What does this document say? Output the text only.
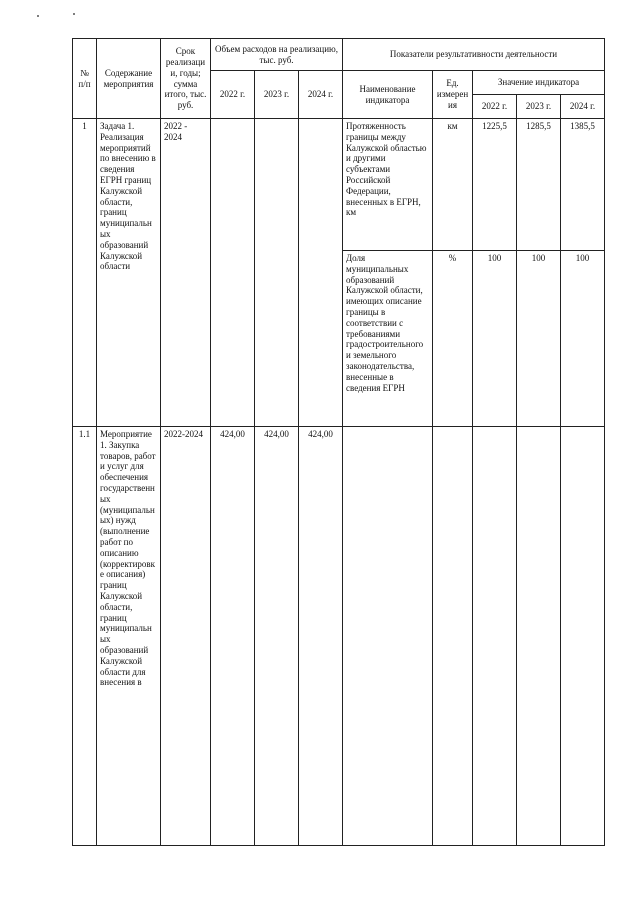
№ п/п	Содержание мероприятия	Срок реализации, годы; сумма итого, тыс. руб.	Объем расходов на реализацию, тыс. руб.			Показатели результативности деятельности				
			2022 г.	2023 г.	2024 г.	Наименование индикатора	Ед. измерения	Значение индикатора		
								2022 г.	2023 г.	2024 г.
1	Задача 1. Реализация мероприятий по внесению в сведения ЕГРН границ Калужской области, границ муниципальных образований Калужской области	2022 - 2024				Протяженность границы между Калужской областью и другими субъектами Российской Федерации, внесенных в ЕГРН, км	км	1225,5	1285,5	1385,5
						Доля муниципальных образований Калужской области, имеющих описание границы в соответствии с требованиями градостроительного и земельного законодательства, внесенные в сведения ЕГРН	%	100	100	100
1.1	Мероприятие 1. Закупка товаров, работ и услуг для обеспечения государственных (муниципальных) нужд (выполнение работ по описанию (корректировке описания) границ Калужской области, границ муниципальных образований Калужской области для внесения в	2022-2024	424,00	424,00	424,00					
